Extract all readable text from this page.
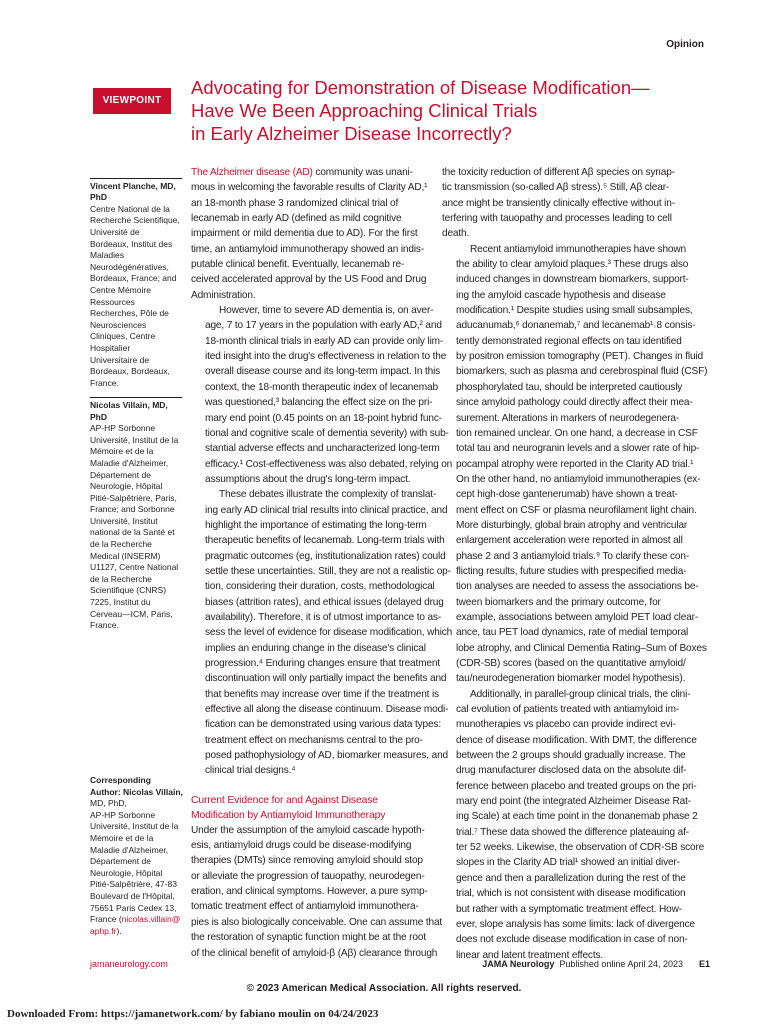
Opinion
VIEWPOINT
Advocating for Demonstration of Disease Modification—
Have We Been Approaching Clinical Trials
in Early Alzheimer Disease Incorrectly?
Vincent Planche, MD,
PhD
Centre National de la
Recherche Scientifique,
Université de
Bordeaux, Institut des
Maladies
Neurodégénératives,
Bordeaux, France; and
Centre Mémoire
Ressources
Recherches, Pôle de
Neurosciences
Cliniques, Centre
Hospitalier
Universitaire de
Bordeaux, Bordeaux,
France.
Nicolas Villain, MD,
PhD
AP-HP Sorbonne
Université, Institut de la
Mémoire et de la
Maladie d'Alzheimer,
Département de
Neurologie, Hôpital
Pitié-Salpêtrière, Paris,
France; and Sorbonne
Université, Institut
national de la Santé et
de la Recherche
Medical (INSERM)
U1127, Centre National
de la Recherche
Scientifique (CNRS)
7225, Institut du
Cerveau—ICM, Paris,
France.
Corresponding
Author: Nicolas Villain,
MD, PhD,
AP-HP Sorbonne
Université, Institut de la
Mémoire et de la
Maladie d'Alzheimer,
Département de
Neurologie, Hôpital
Pitié-Salpêtrière, 47-83
Boulevard de l'Hôpital,
75651 Paris Cedex 13,
France (nicolas.villain@
aphp.fr).

The Alzheimer disease (AD) community was unani-
mous in welcoming the favorable results of Clarity AD,¹
an 18-month phase 3 randomized clinical trial of
lecanemab in early AD (defined as mild cognitive
impairment or mild dementia due to AD). For the first
time, an antiamyloid immunotherapy showed an indis-
putable clinical benefit. Eventually, lecanemab re-
ceived accelerated approval by the US Food and Drug
Administration.

However, time to severe AD dementia is, on aver-
age, 7 to 17 years in the population with early AD,² and
18-month clinical trials in early AD can provide only lim-
ited insight into the drug's effectiveness in relation to the
overall disease course and its long-term impact. In this
context, the 18-month therapeutic index of lecanemab
was questioned,³ balancing the effect size on the pri-
mary end point (0.45 points on an 18-point hybrid func-
tional and cognitive scale of dementia severity) with sub-
stantial adverse effects and uncharacterized long-term
efficacy.¹ Cost-effectiveness was also debated, relying on
assumptions about the drug's long-term impact.

These debates illustrate the complexity of translat-
ing early AD clinical trial results into clinical practice, and
highlight the importance of estimating the long-term
therapeutic benefits of lecanemab. Long-term trials with
pragmatic outcomes (eg, institutionalization rates) could
settle these uncertainties. Still, they are not a realistic op-
tion, considering their duration, costs, methodological
biases (attrition rates), and ethical issues (delayed drug
availability). Therefore, it is of utmost importance to as-
sess the level of evidence for disease modification, which
implies an enduring change in the disease's clinical
progression.⁴ Enduring changes ensure that treatment
discontinuation will only partially impact the benefits and
that benefits may increase over time if the treatment is
effective all along the disease continuum. Disease modi-
fication can be demonstrated using various data types:
treatment effect on mechanisms central to the pro-
posed pathophysiology of AD, biomarker measures, and
clinical trial designs.⁴

Current Evidence for and Against Disease
Modification by Antiamyloid Immunotherapy

Under the assumption of the amyloid cascade hypoth-
esis, antiamyloid drugs could be disease-modifying
therapies (DMTs) since removing amyloid should stop
or alleviate the progression of tauopathy, neurodegen-
eration, and clinical symptoms. However, a pure symp-
tomatic treatment effect of antiamyloid immunothera-
pies is also biologically conceivable. One can assume that
the restoration of synaptic function might be at the root
of the clinical benefit of amyloid-β (Aβ) clearance through

the toxicity reduction of different Aβ species on synap-
tic transmission (so-called Aβ stress).⁵ Still, Aβ clear-
ance might be transiently clinically effective without in-
terfering with tauopathy and processes leading to cell
death.

Recent antiamyloid immunotherapies have shown
the ability to clear amyloid plaques.³ These drugs also
induced changes in downstream biomarkers, support-
ing the amyloid cascade hypothesis and disease
modification.¹ Despite studies using small subsamples,
aducanumab,⁶ donanemab,⁷ and lecanemab¹˒8 consis-
tently demonstrated regional effects on tau identified
by positron emission tomography (PET). Changes in fluid
biomarkers, such as plasma and cerebrospinal fluid (CSF)
phosphorylated tau, should be interpreted cautiously
since amyloid pathology could directly affect their mea-
surement. Alterations in markers of neurodegenera-
tion remained unclear. On one hand, a decrease in CSF
total tau and neurogranin levels and a slower rate of hip-
pocampal atrophy were reported in the Clarity AD trial.¹
On the other hand, no antiamyloid immunotherapies (ex-
cept high-dose gantenerumab) have shown a treat-
ment effect on CSF or plasma neurofilament light chain.
More disturbingly, global brain atrophy and ventricular
enlargement acceleration were reported in almost all
phase 2 and 3 antiamyloid trials.⁹ To clarify these con-
flicting results, future studies with prespecified media-
tion analyses are needed to assess the associations be-
tween biomarkers and the primary outcome, for
example, associations between amyloid PET load clear-
ance, tau PET load dynamics, rate of medial temporal
lobe atrophy, and Clinical Dementia Rating–Sum of Boxes
(CDR-SB) scores (based on the quantitative amyloid/
tau/neurodegeneration biomarker model hypothesis).

Additionally, in parallel-group clinical trials, the clini-
cal evolution of patients treated with antiamyloid im-
munotherapies vs placebo can provide indirect evi-
dence of disease modification. With DMT, the difference
between the 2 groups should gradually increase. The
drug manufacturer disclosed data on the absolute dif-
ference between placebo and treated groups on the pri-
mary end point (the integrated Alzheimer Disease Rat-
ing Scale) at each time point in the donanemab phase 2
trial.⁷ These data showed the difference plateauing af-
ter 52 weeks. Likewise, the observation of CDR-SB score
slopes in the Clarity AD trial¹ showed an initial diver-
gence and then a parallelization during the rest of the
trial, which is not consistent with disease modification
but rather with a symptomatic treatment effect. How-
ever, slope analysis has some limits: lack of divergence
does not exclude disease modification in case of non-
linear and latent treatment effects.

jamaneurology.com	JAMA Neurology Published online April 24, 2023 E1
© 2023 American Medical Association. All rights reserved.
Downloaded From: https://jamanetwork.com/ by fabiano moulin on 04/24/2023
